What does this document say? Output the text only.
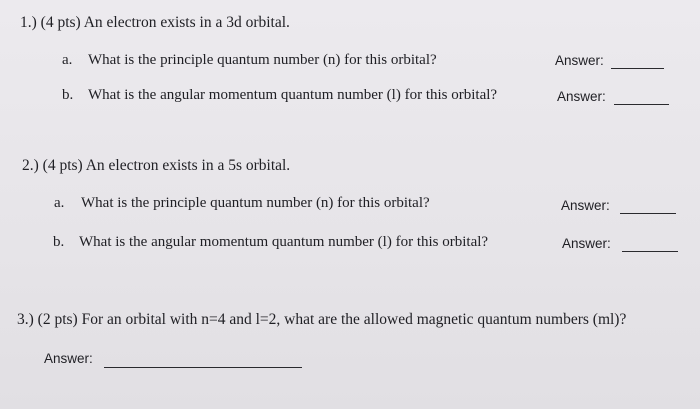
1.) (4 pts) An electron exists in a 3d orbital.
a. What is the principle quantum number (n) for this orbital?	Answer:
b. What is the angular momentum quantum number (l) for this orbital?	Answer:
2.) (4 pts) An electron exists in a 5s orbital.
a. What is the principle quantum number (n) for this orbital?	Answer:
b. What is the angular momentum quantum number (l) for this orbital?	Answer:
3.) (2 pts) For an orbital with n=4 and l=2, what are the allowed magnetic quantum numbers (ml)?
Answer:
